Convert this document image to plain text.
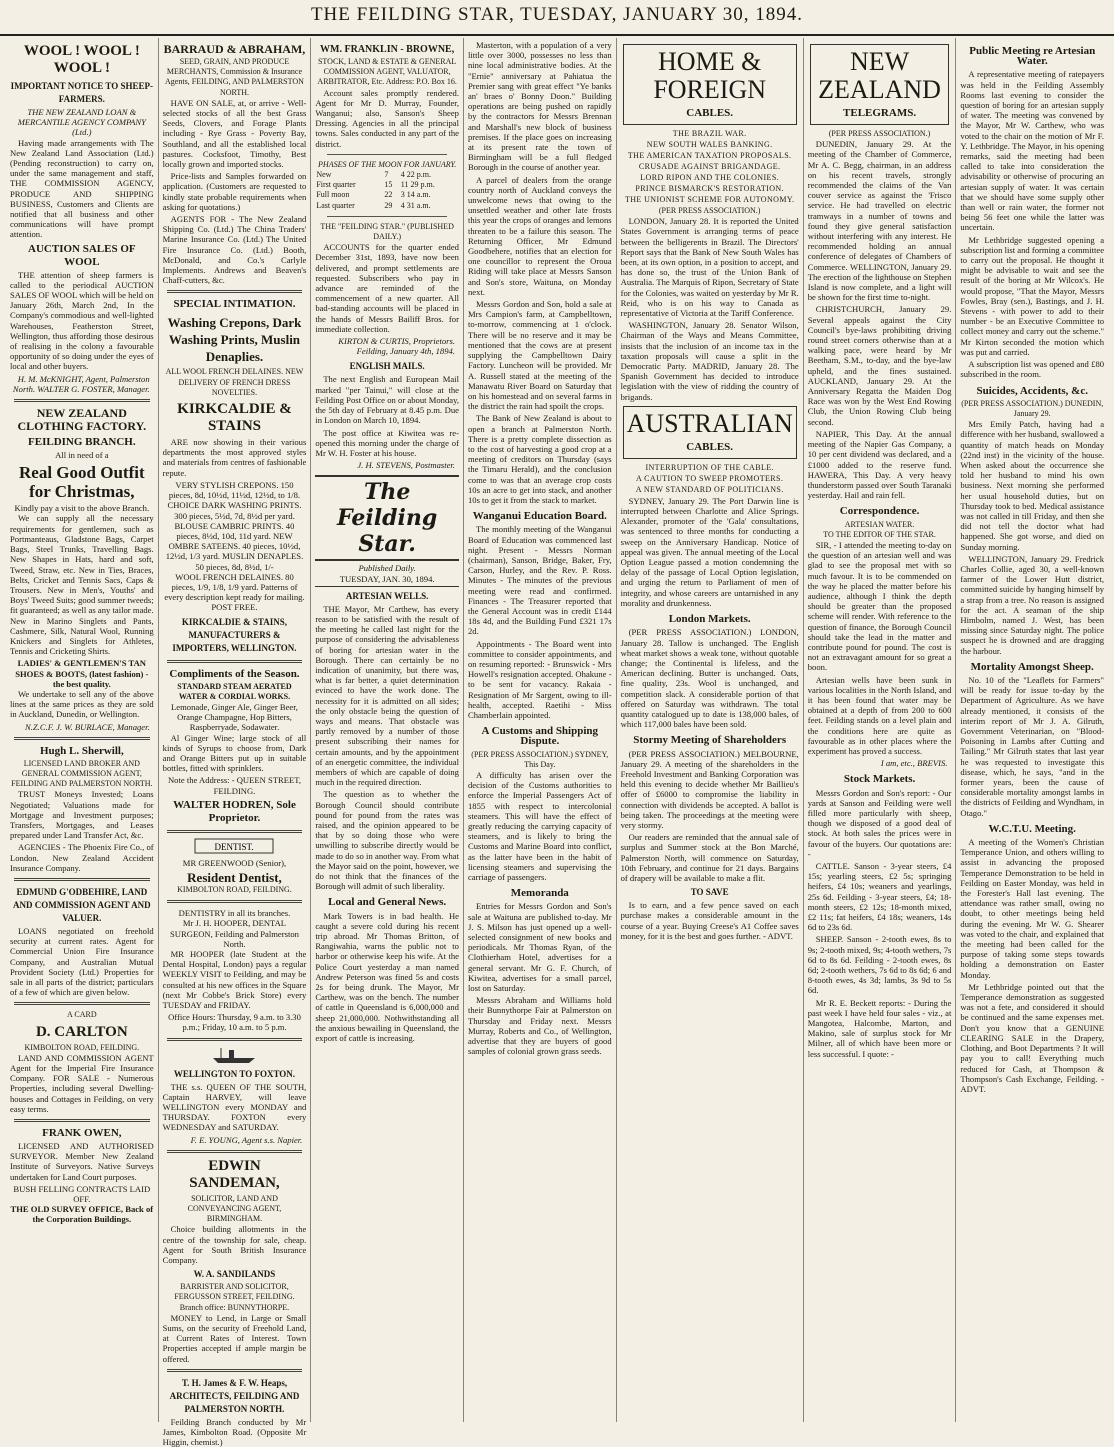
THE FEILDING STAR, TUESDAY, JANUARY 30, 1894.
WOOL ! WOOL ! WOOL !
IMPORTANT NOTICE TO SHEEP-FARMERS.
THE NEW ZEALAND LOAN & MERCANTILE AGENCY COMPANY (Ltd.)

Having made arrangements with The New Zealand Land Association (Ltd.) (Pending reconstruction) to carry on, under the same management and staff, THE COMMISSION AGENCY, PRODUCE AND SHIPPING BUSINESS, Customers and Clients are notified that all business and other communications will have prompt attention.

AUCTION SALES OF WOOL

THE attention of sheep farmers is called to the periodical AUCTION SALES OF WOOL which will be held on January 26th, March 2nd, In the Company's commodious and well-lighted Warehouses, Featherston Street, Wellington, thus affording those desirous of realising in the colony a favourable opportunity of so doing under the eyes of local and other buyers.

H. M. McKNIGHT, Agent, Palmerston North. WALTER G. FOSTER, Manager.
NEW ZEALAND CLOTHING FACTORY.
FEILDING BRANCH.
All in need of a
Real Good Outfit for Christmas,
Kindly pay a visit to the above Branch.

We can supply all the necessary requirements for gentlemen, such as Portmanteaus, Gladstone Bags, Carpet Bags, Steel Trunks, Travelling Bags. New Shapes in Hats, hard and soft, Tweed, Straw, etc. New in Ties, Braces, Belts, Cricket and Tennis Sacs, Caps & Trousers. New in Men's, Youths' and Boys' Tweed Suits; good summer tweeds; fit guaranteed; as well as any tailor made. New in Marino Singlets and Pants, Cashmere, Silk, Natural Wool, Running Knickers and Singlets for Athletes, Tennis and Cricketing Shirts.

LADIES' & GENTLEMEN'S TAN SHOES & BOOTS, (latest fashion) - the best quality.

We undertake to sell any of the above lines at the same prices as they are sold in Auckland, Dunedin, or Wellington.

N.Z.C.F. J. W. BURLACE, Manager.
Hugh L. Sherwill,
LICENSED LAND BROKER AND GENERAL COMMISSION AGENT, FEILDING AND PALMERSTON NORTH.

TRUST Moneys Invested; Loans Negotiated; Valuations made for Mortgage and Investment purposes; Transfers, Mortgages, and Leases prepared under Land Transfer Act, &c.

AGENCIES - The Phoenix Fire Co., of London. New Zealand Accident Insurance Company.

EDMUND G'ODBEHIRE, LAND AND COMMISSION AGENT AND VALUER.

LOANS negotiated on freehold security at current rates. Agent for Commercial Union Fire Insurance Company, and Australian Mutual Provident Society (Ltd.) Properties for sale in all parts of the district; particulars of a few of which are given below.

A CARD
D. CARLTON
KIMBOLTON ROAD, FEILDING.

LAND AND COMMISSION AGENT Agent for the Imperial Fire Insurance Company. FOR SALE - Numerous Properties, including several Dwelling-houses and Cottages in Feilding, on very easy terms.

FRANK OWEN,

LICENSED AND AUTHORISED SURVEYOR. Member New Zealand Institute of Surveyors. Native Surveys undertaken for Land Court purposes.

BUSH FELLING CONTRACTS LAID OFF.
THE OLD SURVEY OFFICE, Back of the Corporation Buildings.
BARRAUD & ABRAHAM,
SEED, GRAIN, AND PRODUCE MERCHANTS, Commission & Insurance Agents, FEILDING, AND PALMERSTON NORTH.

HAVE ON SALE, at, or arrive - Well-selected stocks of all the best Grass Seeds, Clovers, and Forage Plants including - Rye Grass - Poverty Bay, Southland, and all the established local pastures. Cocksfoot, Timothy, Best locally grown and imported stocks.

Price-lists and Samples forwarded on application. (Customers are requested to kindly state probable requirements when asking for quotations.)

AGENTS FOR - The New Zealand Shipping Co. (Ltd.) The China Traders' Marine Insurance Co. (Ltd.) The United Fire Insurance Co. (Ltd.) Booth, McDonald, and Co.'s Carlyle Implements. Andrews and Beaven's Chaff-cutters, &c.

SPECIAL INTIMATION.
Washing Crepons, Dark Washing Prints, Muslin Denaplies.
ALL WOOL FRENCH DELAINES. NEW DELIVERY OF FRENCH DRESS NOVELTIES.
KIRKCALDIE & STAINS

ARE now showing in their various departments the most approved styles and materials from centres of fashionable repute.

VERY STYLISH CREPONS. 150 pieces, 8d, 10½d, 11½d, 12½d, to 1/8. CHOICE DARK WASHING PRINTS. 300 pieces, 5½d, 7d, 8½d per yard. BLOUSE CAMBRIC PRINTS. 40 pieces, 8½d, 10d, 11d yard. NEW OMBRE SATEENS. 40 pieces, 10½d, 12½d, 1/3 yard. MUSLIN DENAPLES. 50 pieces, 8d, 8½d, 1/-
WOOL FRENCH DELAINES. 80 pieces, 1/9, 1/8, 1/9 yard. Patterns of every description kept ready for mailing. POST FREE.
KIRKCALDIE & STAINS, MANUFACTURERS & IMPORTERS, WELLINGTON.
Compliments of the Season.
STANDARD STEAM AERATED WATER & CORDIAL WORKS.
Lemonade, Ginger Ale, Ginger Beer, Orange Champagne, Hop Bitters, Raspberryade, Sodawater.

Al Ginger Wine; large stock of all kinds of Syrups to choose from, Dark and Orange Bitters put up in suitable bottles, fitted with sprinklers.

Note the Address: - QUEEN STREET, FEILDING.
WALTER HODREN, Sole Proprietor.
DENTIST.
MR GREENWOOD (Senior),
Resident Dentist,
KIMBOLTON ROAD, FEILDING.
DENTISTRY in all its branches.
Mr J. H. HOOPER, DENTAL SURGEON, Feilding and Palmerston North.

MR HOOPER (late Student at the Dental Hospital, London) pays a regular WEEKLY VISIT to Feilding, and may be consulted at his new offices in the Square (next Mr Cobbe's Brick Store) every TUESDAY and FRIDAY.

Office Hours: Thursday, 9 a.m. to 3.30 p.m.; Friday, 10 a.m. to 5 p.m.
WELLINGTON TO FOXTON.

THE s.s. QUEEN OF THE SOUTH, Captain HARVEY, will leave WELLINGTON every MONDAY and THURSDAY. FOXTON every WEDNESDAY and SATURDAY.

F. E. YOUNG, Agent s.s. Napier.
EDWIN SANDEMAN,
SOLICITOR, LAND AND CONVEYANCING AGENT, BIRMINGHAM.

Choice building allotments in the centre of the township for sale, cheap. Agent for South British Insurance Company.

W. A. SANDILANDS
BARRISTER AND SOLICITOR, FERGUSSON STREET, FEILDING. Branch office: BUNNYTHORPE.

MONEY to Lend, in Large or Small Sums, on the security of Freehold Land, at Current Rates of Interest. Town Properties accepted if ample margin be offered.

T. H. James & F. W. Heaps, ARCHITECTS, FEILDING AND PALMERSTON NORTH.

Feilding Branch conducted by Mr James, Kimbolton Road. (Opposite Mr Higgin, chemist.)

WM. FRANKLIN - BROWNE,
STOCK, LAND & ESTATE & GENERAL COMMISSION AGENT, VALUATOR, ARBITRATOR, Etc. Address: P.O. Box 16.

Account sales promptly rendered. Agent for Mr D. Murray, Founder, Wanganui; also, Sanson's Sheep Dressing. Agencies in all the principal towns. Sales conducted in any part of the district.

PHASES OF THE MOON FOR JANUARY.
New	7	4 22 p.m.
First quarter	15	11 29 p.m.
Full moon	22	3 14 a.m.
Last quarter	29	4 31 a.m.
THE "FEILDING STAR." (PUBLISHED DAILY.)

ACCOUNTS for the quarter ended December 31st, 1893, have now been delivered, and prompt settlements are requested. Subscribers who pay in advance are reminded of the commencement of a new quarter. All bad-standing accounts will be placed in the hands of Messrs Bailiff Bros. for immediate collection.

KIRTON & CURTIS, Proprietors. Feilding, January 4th, 1894.
ENGLISH MAILS.

The next English and European Mail marked "per Tainui," will close at the Feilding Post Office on or about Monday, the 5th day of February at 8.45 p.m. Due in London on March 10, 1894.

The post office at Kiwitea was re-opened this morning under the charge of Mr W. H. Foster at his house.

J. H. STEVENS, Postmaster.
The Feilding Star.
Published Daily.
TUESDAY, JAN. 30, 1894.
ARTESIAN WELLS.

THE Mayor, Mr Carthew, has every reason to be satisfied with the result of the meeting he called last night for the purpose of considering the advisableness of boring for artesian water in the Borough. There can certainly be no indication of unanimity, but there was, what is far better, a quiet determination evinced to have the work done. The necessity for it is admitted on all sides; the only obstacle being the question of ways and means. That obstacle was partly removed by a number of those present subscribing their names for certain amounts, and by the appointment of an energetic committee, the individual members of which are capable of doing much in the required direction.

The question as to whether the Borough Council should contribute pound for pound from the rates was raised, and the opinion appeared to be that by so doing those who were unwilling to subscribe directly would be made to do so in another way. From what the Mayor said on the point, however, we do not think that the finances of the Borough will admit of such liberality.

Local and General News.

Mark Towers is in bad health. He caught a severe cold during his recent trip abroad. Mr Thomas Britton, of Rangiwahia, warns the public not to harbor or otherwise keep his wife. At the Police Court yesterday a man named Andrew Peterson was fined 5s and costs 2s for being drunk. The Mayor, Mr Carthew, was on the bench. The number of cattle in Queensland is 6,000,000 and sheep 21,000,000. Nothwithstanding all the anxious bewailing in Queensland, the export of cattle is increasing.

Masterton, with a population of a very little over 3000, possesses no less than nine local administrative bodies. At the "Ernie" anniversary at Pahiatua the Premier sang with great effect "Ye banks an' braes o' Bonny Doon." Building operations are being pushed on rapidly by the contractors for Messrs Brennan and Marshall's new block of business premises. If the place goes on increasing at its present rate the town of Birmingham will be a full fledged Borough in the course of another year.

A parcel of dealers from the orange country north of Auckland conveys the unwelcome news that owing to the unsettled weather and other late frosts this year the crops of oranges and lemons threaten to be a failure this season. The Returning Officer, Mr Edmund Goodbehere, notifies that an election for one councillor to represent the Oroua Riding will take place at Messrs Sanson and Son's store, Waituna, on Monday next.

Messrs Gordon and Son, hold a sale at Mrs Campion's farm, at Campbelltown, to-morrow, commencing at 1 o'clock. There will be no reserve and it may be mentioned that the cows are at present supplying the Campbelltown Dairy Factory. Luncheon will be provided. Mr A. Russell stated at the meeting of the Manawatu River Board on Saturday that on his homestead and on several farms in the district the rain had spoilt the crops.

The Bank of New Zealand is about to open a branch at Palmerston North. There is a pretty complete dissection as to the cost of harvesting a good crop at a meeting of creditors on Thursday (says the Timaru Herald), and the conclusion come to was that an average crop costs 10s an acre to get into stack, and another 10s to get it from the stack to market.

Wanganui Education Board.

The monthly meeting of the Wanganui Board of Education was commenced last night. Present - Messrs Norman (chairman), Sanson, Bridge, Baker, Fry, Carson, Hurley, and the Rev. P. Ross. Minutes - The minutes of the previous meeting were read and confirmed. Finances - The Treasurer reported that the General Account was in credit £144 18s 4d, and the Building Fund £321 17s 2d.

Appointments - The Board went into committee to consider appointments, and on resuming reported: - Brunswick - Mrs Howell's resignation accepted. Ohakune - to be sent for vacancy. Rakaia - Resignation of Mr Sargent, owing to ill-health, accepted. Raetihi - Miss Chamberlain appointed.

A Customs and Shipping Dispute.
(PER PRESS ASSOCIATION.) SYDNEY, This Day.

A difficulty has arisen over the decision of the Customs authorities to enforce the Imperial Passengers Act of 1855 with respect to intercolonial steamers. This will have the effect of greatly reducing the carrying capacity of steamers, and is likely to bring the Customs and Marine Board into conflict, as the latter have been in the habit of licensing steamers and supervising the carriage of passengers.

Memoranda

Entries for Messrs Gordon and Son's sale at Waituna are published to-day. Mr J. S. Milson has just opened up a well-selected consignment of new books and periodicals. Mr Thomas Ryan, of the Clothierham Hotel, advertises for a general servant. Mr G. F. Church, of Kiwitea, advertises for a small parcel, lost on Saturday.

Messrs Abraham and Williams hold their Bunnythorpe Fair at Palmerston on Thursday and Friday next. Messrs Murray, Roberts and Co., of Wellington, advertise that they are buyers of good samples of colonial grown grass seeds.

HOME & FOREIGN
CABLES.
THE BRAZIL WAR.
NEW SOUTH WALES BANKING.
THE AMERICAN TAXATION PROPOSALS.
CRUSADE AGAINST BRIGANDAGE.
LORD RIPON AND THE COLONIES.
PRINCE BISMARCK'S RESTORATION.
THE UNIONIST SCHEME FOR AUTONOMY.
(PER PRESS ASSOCIATION.)

LONDON, January 28. It is reported the United States Government is arranging terms of peace between the belligerents in Brazil. The Directors' Report says that the Bank of New South Wales has been, at its own option, in a position to accept, and has done so, the trust of the Union Bank of Australia. The Marquis of Ripon, Secretary of State for the Colonies, was waited on yesterday by Mr R. Reid, who is on his way to Canada as representative of Victoria at the Tariff Conference.

WASHINGTON, January 28. Senator Wilson, Chairman of the Ways and Means Committee, insists that the inclusion of an income tax in the taxation proposals will cause a split in the Democratic Party. MADRID, January 28. The Spanish Government has decided to introduce legislation with the view of ridding the country of brigands.

AUSTRALIAN
CABLES.
INTERRUPTION OF THE CABLE.
A CAUTION TO SWEEP PROMOTERS.
A NEW STANDARD OF POLITICIANS.

SYDNEY, January 29. The Port Darwin line is interrupted between Charlotte and Alice Springs. Alexander, promoter of the 'Gala' consultations, was sentenced to three months for conducting a sweep on the Anniversary Handicap. Notice of appeal was given. The annual meeting of the Local Option League passed a motion condemning the delay of the passage of Local Option legislation, and urging the return to Parliament of men of integrity, and whose careers are untarnished in any morality and drunkenness.

London Markets.

(PER PRESS ASSOCIATION.) LONDON, January 28. Tallow is unchanged. The English wheat market shows a weak tone, without quotable change; the Continental is lifeless, and the American declining. Butter is unchanged. Oats, fine quality, 23s. Wool is unchanged, and competition slack. A considerable portion of that offered on Saturday was withdrawn. The total quantity catalogued up to date is 138,000 bales, of which 117,000 bales have been sold.

Stormy Meeting of Shareholders

(PER PRESS ASSOCIATION.) MELBOURNE, January 29. A meeting of the shareholders in the Freehold Investment and Banking Corporation was held this evening to decide whether Mr Baillieu's offer of £6000 to compromise the liability in connection with dividends be accepted. A ballot is being taken. The proceedings at the meeting were very stormy.

Our readers are reminded that the annual sale of surplus and Summer stock at the Bon Marché, Palmerston North, will commence on Saturday, 10th February, and continue for 21 days. Bargains of drapery will be available to make a flit.

TO SAVE

Is to earn, and a few pence saved on each purchase makes a considerable amount in the course of a year. Buying Creese's A1 Coffee saves money, for it is the best and goes further. - ADVT.

NEW ZEALAND
TELEGRAMS.
(PER PRESS ASSOCIATION.)

DUNEDIN, January 29. At the meeting of the Chamber of Commerce, Mr A. C. Begg, chairman, in an address on his recent travels, strongly recommended the claims of the Van couver service as against the 'Frisco service. He had travelled on electric tramways in a number of towns and found they give general satisfaction without interfering with any interest. He recommended holding an annual conference of delegates of Chambers of Commerce. WELLINGTON, January 29. The erection of the lighthouse on Stephen Island is now complete, and a light will be shown for the first time to-night.

CHRISTCHURCH, January 29. Several appeals against the City Council's bye-laws prohibiting driving round street corners otherwise than at a walking pace, were heard by Mr Beetham, S.M., to-day, and the bye-law upheld, and the fines sustained. AUCKLAND, January 29. At the Anniversary Regatta the Maiden Dog Race was won by the West End Rowing Club, the Union Rowing Club being second.

NAPIER, This Day. At the annual meeting of the Napier Gas Company, a 10 per cent dividend was declared, and a £1000 added to the reserve fund. HAWERA, This Day. A very heavy thunderstorm passed over South Taranaki yesterday. Hail and rain fell.

Correspondence.
ARTESIAN WATER.
TO THE EDITOR OF THE STAR.

SIR, - I attended the meeting to-day on the question of an artesian well and was glad to see the proposal met with so much favour. It is to be commended on the way he placed the matter before his audience, although I think the depth should be greater than the proposed scheme will render. With reference to the question of finance, the Borough Council should take the lead in the matter and contribute pound for pound. The cost is not an extravagant amount for so great a boon.

Artesian wells have been sunk in various localities in the North Island, and it has been found that water may be obtained at a depth of from 200 to 600 feet. Feilding stands on a level plain and the conditions here are quite as favourable as in other places where the experiment has proved a success.

I am, etc., BREVIS.
Stock Markets.

Messrs Gordon and Son's report: - Our yards at Sanson and Feilding were well filled more particularly with sheep, though we disposed of a good deal of stock. At both sales the prices were in favour of the buyers. Our quotations are: -

CATTLE. Sanson - 3-year steers, £4 15s; yearling steers, £2 5s; springing heifers, £4 10s; weaners and yearlings, 25s 6d. Feilding - 3-year steers, £4; 18-month steers, £2 12s; 18-month mixed, £2 11s; fat heifers, £4 18s; weaners, 14s 6d to 23s 6d.

SHEEP. Sanson - 2-tooth ewes, 8s to 9s; 2-tooth mixed, 9s; 4-tooth wethers, 7s 6d to 8s 6d. Feilding - 2-tooth ewes, 8s 6d; 2-tooth wethers, 7s 6d to 8s 6d; 6 and 8-tooth ewes, 4s 3d; lambs, 3s 9d to 5s 6d.

Mr R. E. Beckett reports: - During the past week I have held four sales - viz., at Mangotea, Halcombe, Marton, and Makino, sale of surplus stock for Mr Milner, all of which have been more or less successful. I quote: -

Public Meeting re Artesian Water.

A representative meeting of ratepayers was held in the Feilding Assembly Rooms last evening to consider the question of boring for an artesian supply of water. The meeting was convened by the Mayor, Mr W. Carthew, who was voted to the chair on the motion of Mr F. Y. Lethbridge. The Mayor, in his opening remarks, said the meeting had been called to take into consideration the advisability or otherwise of procuring an artesian supply of water. It was certain that we should have some supply other than well or rain water, the former not being 56 feet one while the latter was uncertain.

Mr Lethbridge suggested opening a subscription list and forming a committee to carry out the proposal. He thought it might be advisable to wait and see the result of the boring at Mr Wilcox's. He would propose, "That the Mayor, Messrs Fowles, Bray (sen.), Bastings, and J. H. Stevens - with power to add to their number - be an Executive Committee to collect money and carry out the scheme." Mr Kirton seconded the motion which was put and carried.

A subscription list was opened and £80 subscribed in the room.

Suicides, Accidents, &c.
(PER PRESS ASSOCIATION.) DUNEDIN, January 29.

Mrs Emily Patch, having had a difference with her husband, swallowed a quantity of match heads on Monday (22nd inst) in the vicinity of the house. When asked about the occurrence she told her husband to mind his own business. Next morning she performed her usual household duties, but on Thursday took to bed. Medical assistance was not called in till Friday, and then she did not tell the doctor what had happened. She got worse, and died on Sunday morning.

WELLINGTON, January 29. Fredrick Charles Collie, aged 30, a well-known farmer of the Lower Hutt district, committed suicide by hanging himself by a strap from a tree. No reason is assigned for the act. A seaman of the ship Himbolm, named J. West, has been missing since Saturday night. The police suspect he is drowned and are dragging the harbour.

Mortality Amongst Sheep.

No. 10 of the "Leaflets for Farmers" will be ready for issue to-day by the Department of Agriculture. As we have already mentioned, it consists of the interim report of Mr J. A. Gilruth, Government Veterinarian, on "Blood-Poisoning in Lambs after Cutting and Tailing." Mr Gilruth states that last year he was requested to investigate this disease, which, he says, "and in the former years, been the cause of considerable mortality amongst lambs in the districts of Feilding and Wyndham, in Otago."

W.C.T.U. Meeting.

A meeting of the Women's Christian Temperance Union, and others willing to assist in advancing the proposed Temperance Demonstration to be held in Feilding on Easter Monday, was held in the Forester's Hall last evening. The attendance was rather small, owing no doubt, to other meetings being held during the evening. Mr W. G. Shearer was voted to the chair, and explained that the meeting had been called for the purpose of taking some steps towards holding a demonstration on Easter Monday.

Mr Lethbridge pointed out that the Temperance demonstration as suggested was not a fete, and considered it should be continued and the same expenses met. Don't you know that a GENUINE CLEARING SALE in the Drapery, Clothing, and Boot Departments ? It will pay you to call! Everything much reduced for Cash, at Thompson & Thompson's Cash Exchange, Feilding. - ADVT.
